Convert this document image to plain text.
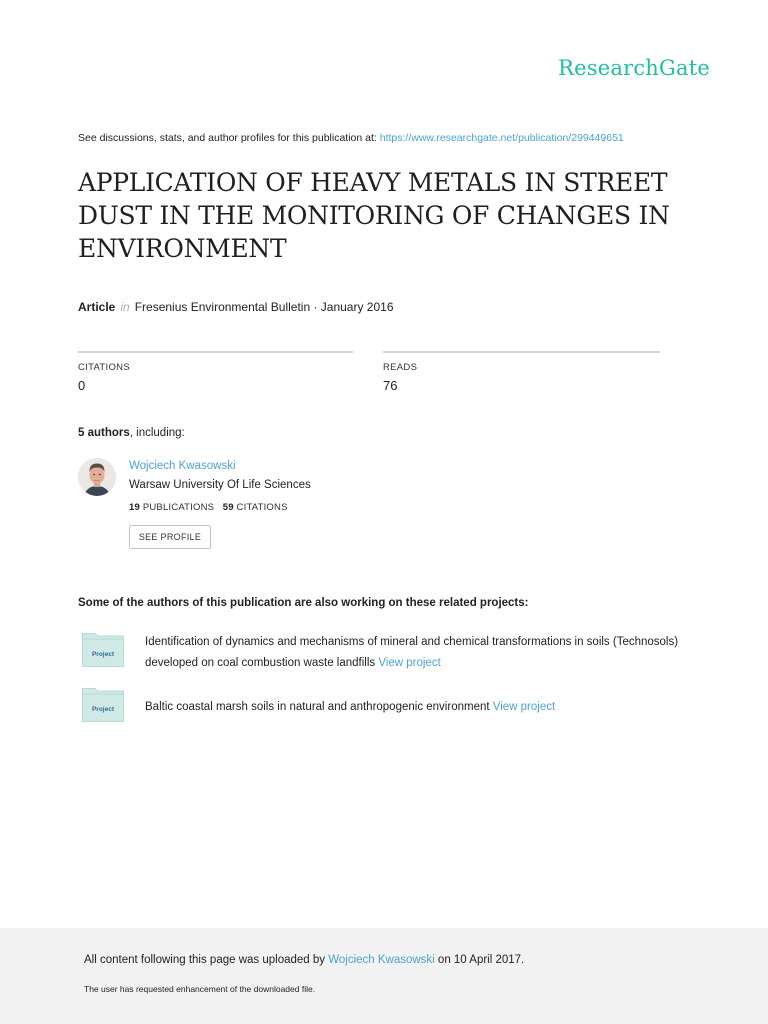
ResearchGate
See discussions, stats, and author profiles for this publication at: https://www.researchgate.net/publication/299449651
APPLICATION OF HEAVY METALS IN STREET DUST IN THE MONITORING OF CHANGES IN ENVIRONMENT
Article in Fresenius Environmental Bulletin · January 2016
CITATIONS
0
READS
76
5 authors, including:
Wojciech Kwasowski
Warsaw University Of Life Sciences
19 PUBLICATIONS 59 CITATIONS
SEE PROFILE
Some of the authors of this publication are also working on these related projects:
Project
Identification of dynamics and mechanisms of mineral and chemical transformations in soils (Technosols) developed on coal combustion waste landfills View project
Project	Baltic coastal marsh soils in natural and anthropogenic environment View project
All content following this page was uploaded by Wojciech Kwasowski on 10 April 2017.
The user has requested enhancement of the downloaded file.
